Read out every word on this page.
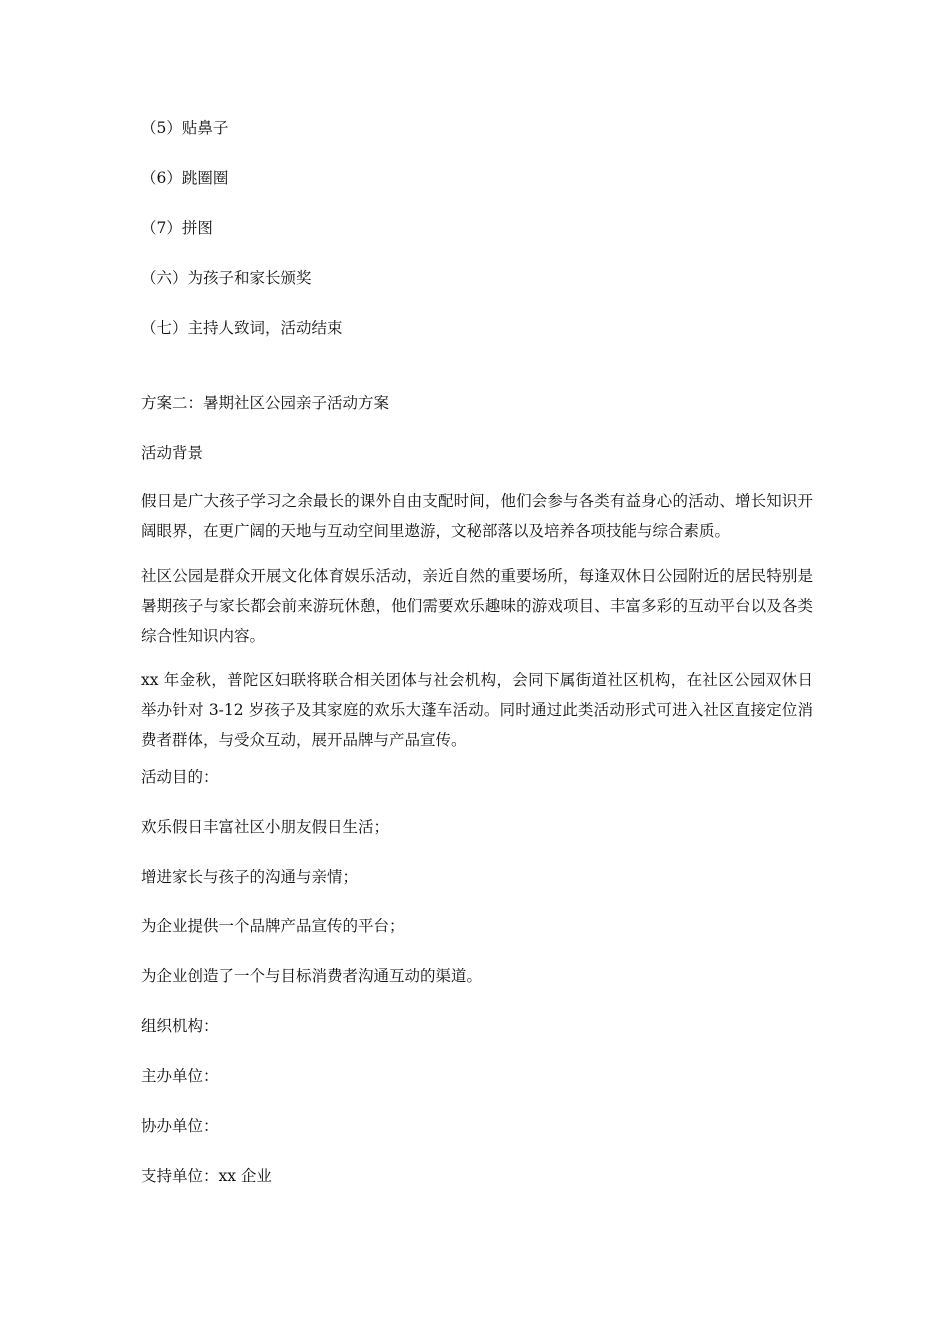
（5）贴鼻子
（6）跳圈圈
（7）拼图
（六）为孩子和家长颁奖
（七）主持人致词，活动结束
方案二：暑期社区公园亲子活动方案
活动背景
假日是广大孩子学习之余最长的课外自由支配时间，他们会参与各类有益身心的活动、增长知识开阔眼界，在更广阔的天地与互动空间里遨游，文秘部落以及培养各项技能与综合素质。
社区公园是群众开展文化体育娱乐活动，亲近自然的重要场所，每逢双休日公园附近的居民特别是暑期孩子与家长都会前来游玩休憩，他们需要欢乐趣味的游戏项目、丰富多彩的互动平台以及各类综合性知识内容。
xx 年金秋，普陀区妇联将联合相关团体与社会机构，会同下属街道社区机构，在社区公园双休日举办针对 3-12 岁孩子及其家庭的欢乐大蓬车活动。同时通过此类活动形式可进入社区直接定位消费者群体，与受众互动，展开品牌与产品宣传。
活动目的：
欢乐假日丰富社区小朋友假日生活；
增进家长与孩子的沟通与亲情；
为企业提供一个品牌产品宣传的平台；
为企业创造了一个与目标消费者沟通互动的渠道。
组织机构：
主办单位：
协办单位：
支持单位：xx 企业
